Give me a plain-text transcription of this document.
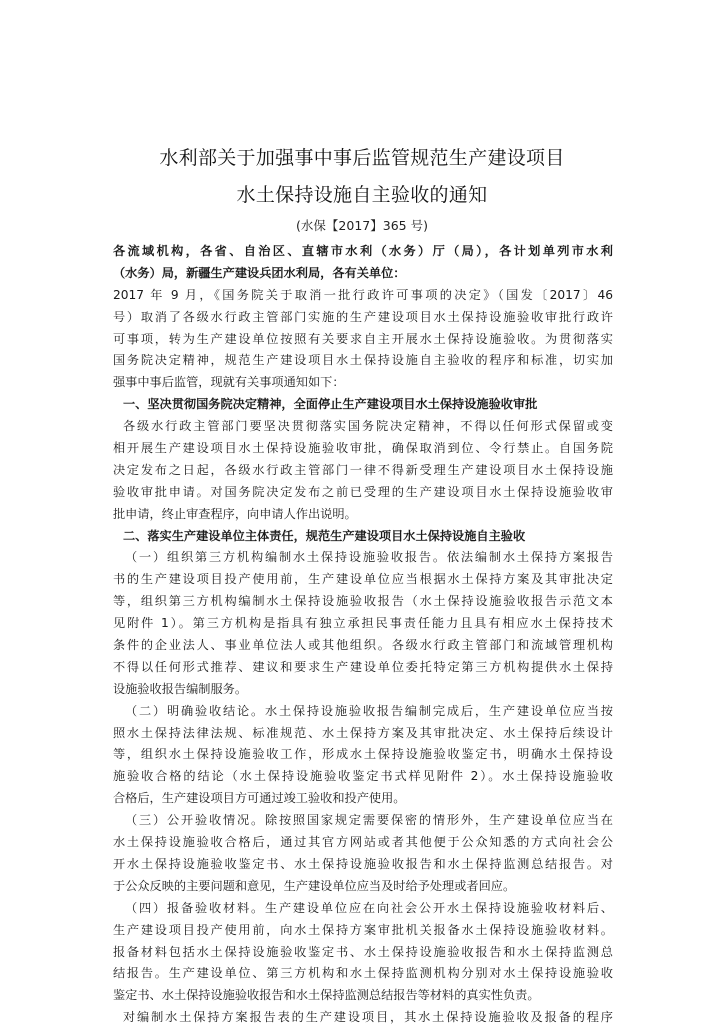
水利部关于加强事中事后监管规范生产建设项目
水土保持设施自主验收的通知
(水保【2017】365 号)
各流域机构，各省、自治区、直辖市水利（水务）厅（局），各计划单列市水利
（水务）局，新疆生产建设兵团水利局，各有关单位：
2017 年 9 月，《国务院关于取消一批行政许可事项的决定》（国发〔2017〕46
号）取消了各级水行政主管部门实施的生产建设项目水土保持设施验收审批行政许
可事项，转为生产建设单位按照有关要求自主开展水土保持设施验收。为贯彻落实
国务院决定精神，规范生产建设项目水土保持设施自主验收的程序和标准，切实加
强事中事后监管，现就有关事项通知如下：
一、坚决贯彻国务院决定精神，全面停止生产建设项目水土保持设施验收审批
各级水行政主管部门要坚决贯彻落实国务院决定精神，不得以任何形式保留或变
相开展生产建设项目水土保持设施验收审批，确保取消到位、令行禁止。自国务院
决定发布之日起，各级水行政主管部门一律不得新受理生产建设项目水土保持设施
验收审批申请。对国务院决定发布之前已受理的生产建设项目水土保持设施验收审
批申请，终止审查程序，向申请人作出说明。
二、落实生产建设单位主体责任，规范生产建设项目水土保持设施自主验收
（一）组织第三方机构编制水土保持设施验收报告。依法编制水土保持方案报告
书的生产建设项目投产使用前，生产建设单位应当根据水土保持方案及其审批决定
等，组织第三方机构编制水土保持设施验收报告（水土保持设施验收报告示范文本
见附件 1）。第三方机构是指具有独立承担民事责任能力且具有相应水土保持技术
条件的企业法人、事业单位法人或其他组织。各级水行政主管部门和流域管理机构
不得以任何形式推荐、建议和要求生产建设单位委托特定第三方机构提供水土保持
设施验收报告编制服务。
（二）明确验收结论。水土保持设施验收报告编制完成后，生产建设单位应当按
照水土保持法律法规、标准规范、水土保持方案及其审批决定、水土保持后续设计
等，组织水土保持设施验收工作，形成水土保持设施验收鉴定书，明确水土保持设
施验收合格的结论（水土保持设施验收鉴定书式样见附件 2）。水土保持设施验收
合格后，生产建设项目方可通过竣工验收和投产使用。
（三）公开验收情况。除按照国家规定需要保密的情形外，生产建设单位应当在
水土保持设施验收合格后，通过其官方网站或者其他便于公众知悉的方式向社会公
开水土保持设施验收鉴定书、水土保持设施验收报告和水土保持监测总结报告。对
于公众反映的主要问题和意见，生产建设单位应当及时给予处理或者回应。
（四）报备验收材料。生产建设单位应在向社会公开水土保持设施验收材料后、
生产建设项目投产使用前，向水土保持方案审批机关报备水土保持设施验收材料。
报备材料包括水土保持设施验收鉴定书、水土保持设施验收报告和水土保持监测总
结报告。生产建设单位、第三方机构和水土保持监测机构分别对水土保持设施验收
鉴定书、水土保持设施验收报告和水土保持监测总结报告等材料的真实性负责。
对编制水土保持方案报告表的生产建设项目，其水土保持设施验收及报备的程序
